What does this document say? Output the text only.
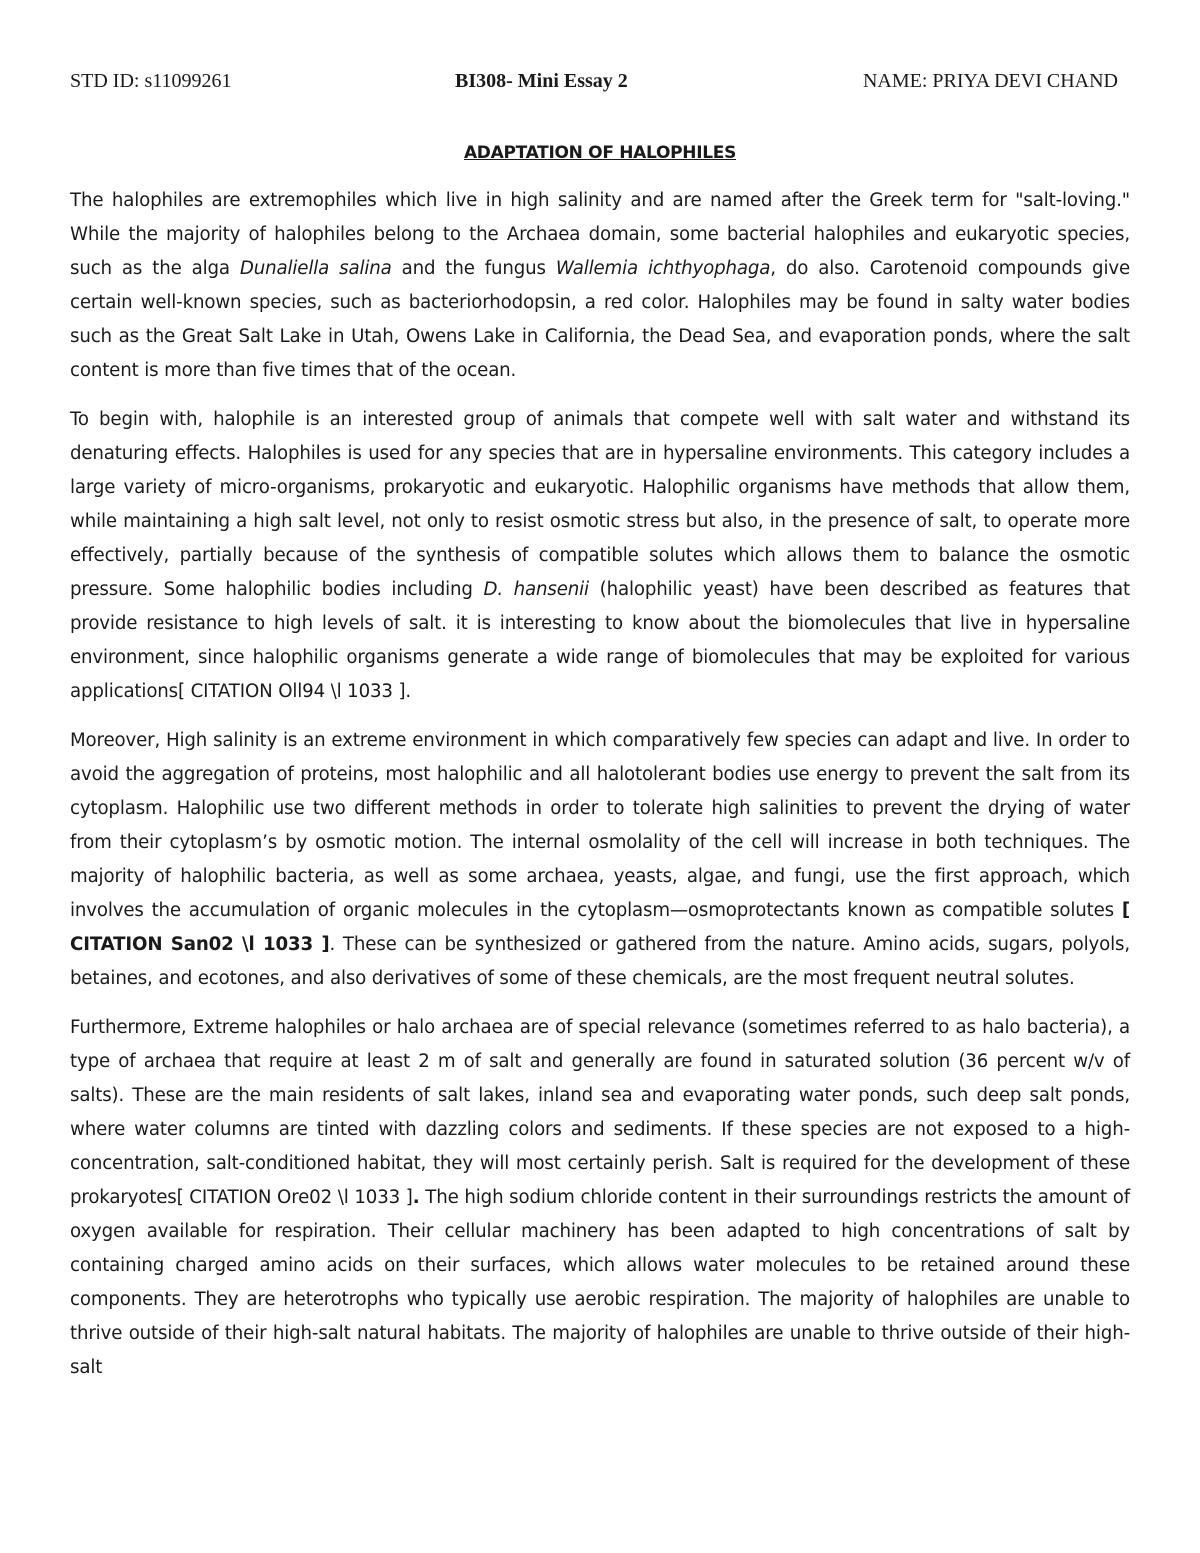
STD ID: s11099261	BI308- Mini Essay 2	NAME: PRIYA DEVI CHAND
ADAPTATION OF HALOPHILES

The halophiles are extremophiles which live in high salinity and are named after the Greek term for "salt-loving." While the majority of halophiles belong to the Archaea domain, some bacterial halophiles and eukaryotic species, such as the alga Dunaliella salina and the fungus Wallemia ichthyophaga, do also. Carotenoid compounds give certain well-known species, such as bacteriorhodopsin, a red color. Halophiles may be found in salty water bodies such as the Great Salt Lake in Utah, Owens Lake in California, the Dead Sea, and evaporation ponds, where the salt content is more than five times that of the ocean.

To begin with, halophile is an interested group of animals that compete well with salt water and withstand its denaturing effects. Halophiles is used for any species that are in hypersaline environments. This category includes a large variety of micro-organisms, prokaryotic and eukaryotic. Halophilic organisms have methods that allow them, while maintaining a high salt level, not only to resist osmotic stress but also, in the presence of salt, to operate more effectively, partially because of the synthesis of compatible solutes which allows them to balance the osmotic pressure. Some halophilic bodies including D. hansenii (halophilic yeast) have been described as features that provide resistance to high levels of salt. it is interesting to know about the biomolecules that live in hypersaline environment, since halophilic organisms generate a wide range of biomolecules that may be exploited for various applications[ CITATION Oll94 \l 1033 ].

Moreover, High salinity is an extreme environment in which comparatively few species can adapt and live. In order to avoid the aggregation of proteins, most halophilic and all halotolerant bodies use energy to prevent the salt from its cytoplasm. Halophilic use two different methods in order to tolerate high salinities to prevent the drying of water from their cytoplasm’s by osmotic motion. The internal osmolality of the cell will increase in both techniques. The majority of halophilic bacteria, as well as some archaea, yeasts, algae, and fungi, use the first approach, which involves the accumulation of organic molecules in the cytoplasm—osmoprotectants known as compatible solutes [ CITATION San02 \l 1033 ]. These can be synthesized or gathered from the nature. Amino acids, sugars, polyols, betaines, and ecotones, and also derivatives of some of these chemicals, are the most frequent neutral solutes.

Furthermore, Extreme halophiles or halo archaea are of special relevance (sometimes referred to as halo bacteria), a type of archaea that require at least 2 m of salt and generally are found in saturated solution (36 percent w/v of salts). These are the main residents of salt lakes, inland sea and evaporating water ponds, such deep salt ponds, where water columns are tinted with dazzling colors and sediments. If these species are not exposed to a high-concentration, salt-conditioned habitat, they will most certainly perish. Salt is required for the development of these prokaryotes[ CITATION Ore02 \l 1033 ]. The high sodium chloride content in their surroundings restricts the amount of oxygen available for respiration. Their cellular machinery has been adapted to high concentrations of salt by containing charged amino acids on their surfaces, which allows water molecules to be retained around these components. They are heterotrophs who typically use aerobic respiration. The majority of halophiles are unable to thrive outside of their high-salt natural habitats. The majority of halophiles are unable to thrive outside of their high-salt
